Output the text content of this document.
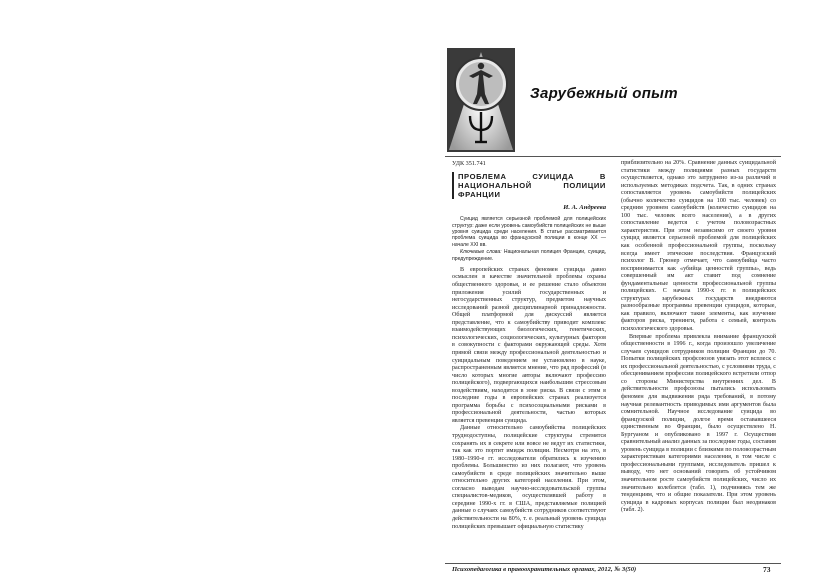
Зарубежный опыт

УДК 351.741

ПРОБЛЕМА СУИЦИДА В НАЦИОНАЛЬНОЙ ПОЛИЦИИ ФРАНЦИИ

И. А. Андреева

Суицид является серьезной проблемой для полицейских структур: даже если уровень самоубийств полицейских не выше уровня суицида среди населения. В статье рассматривается проблема суицида во французской полиции в конце XX — начале XXI вв.

Ключевые слова: Национальная полиция Франции, суицид, предупреждение.

В европейских странах феномен суицида давно осмыслен в качестве значительной проблемы охраны общественного здоровья, и ее решение стало объектом приложения усилий государственных и негосударственных структур, предметом научных исследований разной дисциплинарной принадлежности. Общей платформой для дискуссий является представление, что к самоубийству приводит комплекс взаимодействующих биологических, генетических, психологических, социологических, культурных факторов в совокупности с факторами окружающей среды. Хотя прямой связи между профессиональной деятельностью и суицидальным поведением не установлено в науке, распространенным является мнение, что ряд профессий (в число которых многие авторы включают профессию полицейского), подвергающихся наибольшим стрессовым воздействиям, находится в зоне риска. В связи с этим в последние годы в европейских странах реализуется программа борьбы с психосоциальными рисками в профессиональной деятельности, частью которых является превенция суицида.

Данные относительно самоубийства полицейских труднодоступны, полицейские структуры стремятся сохранять их в секрете или вовсе не ведут их статистики, так как это портит имидж полиции. Несмотря на это, в 1980–1990-е гг. исследователи обратились к изучению проблемы. Большинство из них полагают, что уровень самоубийств в среде полицейских значительно выше относительно других категорий населения. При этом, согласно выводам научно-исследовательской группы специалистов-медиков, осуществлявшей работу в середине 1990-х гг. в США, представляемые полицией данные о случаях самоубийств сотрудников соответствуют действительности на 80%, т. е. реальный уровень суицида полицейских превышает официальную статистику

приблизительно на 20%. Сравнение данных суицидальной статистики между полициями разных государств осуществляется, однако это затруднено из-за различий в используемых методиках подсчета. Так, в одних странах сопоставляется уровень самоубийств полицейских (обычно количество суицидов на 100 тыс. человек) со средним уровнем самоубийств (количество суицидов на 100 тыс. человек всего населения), а в других сопоставление ведется с учетом половозрастных характеристик. При этом независимо от своего уровня суицид является серьезной проблемой для полицейских как особенной профессиональной группы, поскольку всегда имеет этические последствия. Французский психолог В. Грюнер отмечает, что самоубийца часто воспринимается как «убийца ценностей группы», ведь совершенный им акт ставит под сомнение фундаментальные ценности профессиональной группы полицейских. С начала 1990-х гг. в полицейских структурах зарубежных государств внедряются разнообразные программы превенции суицидов, которые, как правило, включают такие элементы, как изучение факторов риска, тренинги, работа с семьей, контроль психологического здоровья.

Впервые проблема привлекла внимание французской общественности в 1996 г., когда произошло увеличение случаев суицидов сотрудников полиции Франции до 70. Попытки полицейских профсоюзов увязать этот всплеск с их профессиональной деятельностью, с условиями труда, с обесцениванием профессии полицейского встретили отпор со стороны Министерства внутренних дел. В действительности профсоюзы пытались использовать феномен для выдвижения ряда требований, в потому научная релевантность приводимых ими аргументов была сомнительной. Научное исследование суицида во французской полиции, долгое время остававшееся единственным во Франции, было осуществлено Н. Бургуаном и опубликовано в 1997 г. Осуществив сравнительный анализ данных за последние годы, составив уровень суицида в полиции с близкими по половозрастным характеристикам категориями населения, в том числе с профессиональными группами, исследователь пришел к выводу, что нет оснований говорить об устойчивом значительном росте самоубийств полицейских, число их значительно колеблется (табл. 1), подчиняясь тем же тенденциям, что и общие показатели. При этом уровень суицида в кадровых корпусах полиции был неодинаков (табл. 2).

Психопедагогика в правоохранительных органах, 2012, № 3(50)	73
